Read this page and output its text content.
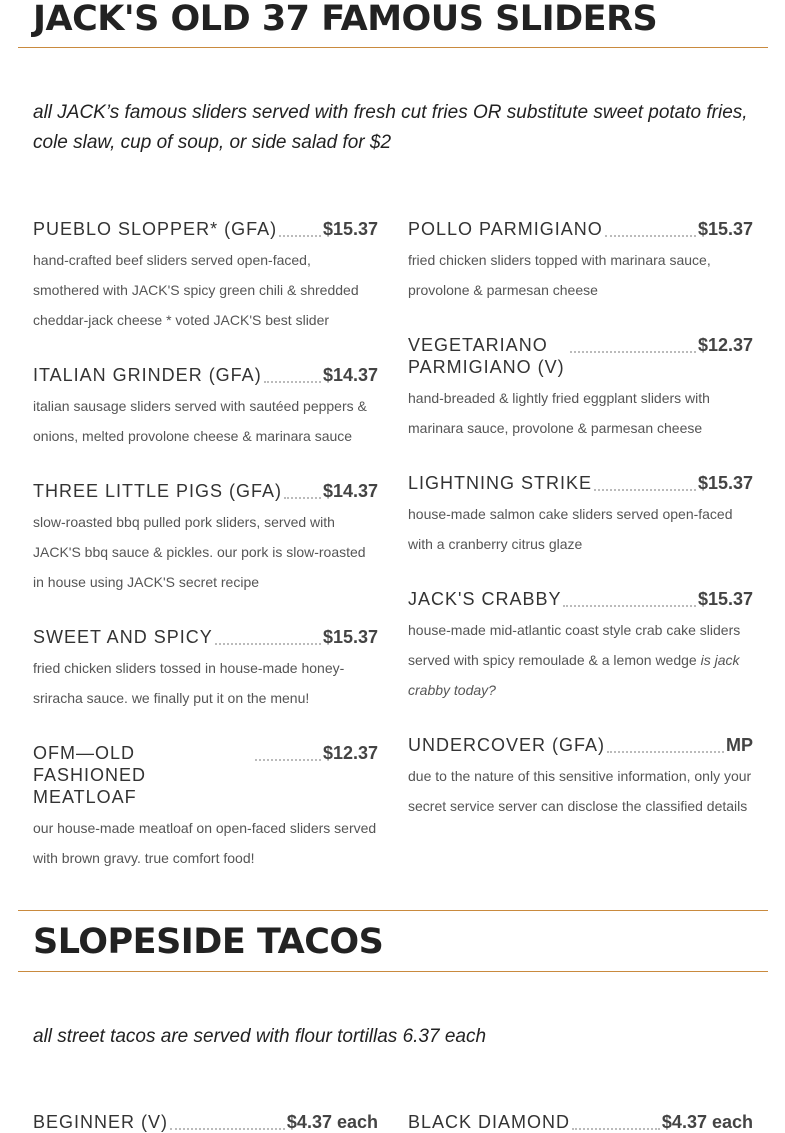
JACK'S OLD 37 FAMOUS SLIDERS
all JACK’s famous sliders served with fresh cut fries OR substitute sweet potato fries, cole slaw, cup of soup, or side salad for $2
PUEBLO SLOPPER* (GFA)	$15.37
hand-crafted beef sliders served open-faced, smothered with JACK'S spicy green chili & shredded cheddar-jack cheese * voted JACK'S best slider
ITALIAN GRINDER (GFA)	$14.37
italian sausage sliders served with sautéed peppers & onions, melted provolone cheese & marinara sauce
THREE LITTLE PIGS (GFA) $14.37
slow-roasted bbq pulled pork sliders, served with JACK'S bbq sauce & pickles. our pork is slow-roasted in house using JACK'S secret recipe
SWEET AND SPICY	$15.37
fried chicken sliders tossed in house-made honey-sriracha sauce. we finally put it on the menu!
OFM—OLD FASHIONED MEATLOAF
$12.37
our house-made meatloaf on open-faced sliders served with brown gravy. true comfort food!
POLLO PARMIGIANO	$15.37
fried chicken sliders topped with marinara sauce, provolone & parmesan cheese
VEGETARIANO PARMIGIANO (V)
$12.37
hand-breaded & lightly fried eggplant sliders with marinara sauce, provolone & parmesan cheese
LIGHTNING STRIKE	$15.37
house-made salmon cake sliders served open-faced with a cranberry citrus glaze
JACK'S CRABBY	$15.37
house-made mid-atlantic coast style crab cake sliders served with spicy remoulade & a lemon wedge is jack crabby today?
UNDERCOVER (GFA)	MP
due to the nature of this sensitive information, only your secret service server can disclose the classified details
SLOPESIDE TACOS
all street tacos are served with flour tortillas 6.37 each
BEGINNER (V)	$4.37 each BLACK DIAMOND	$4.37 each
